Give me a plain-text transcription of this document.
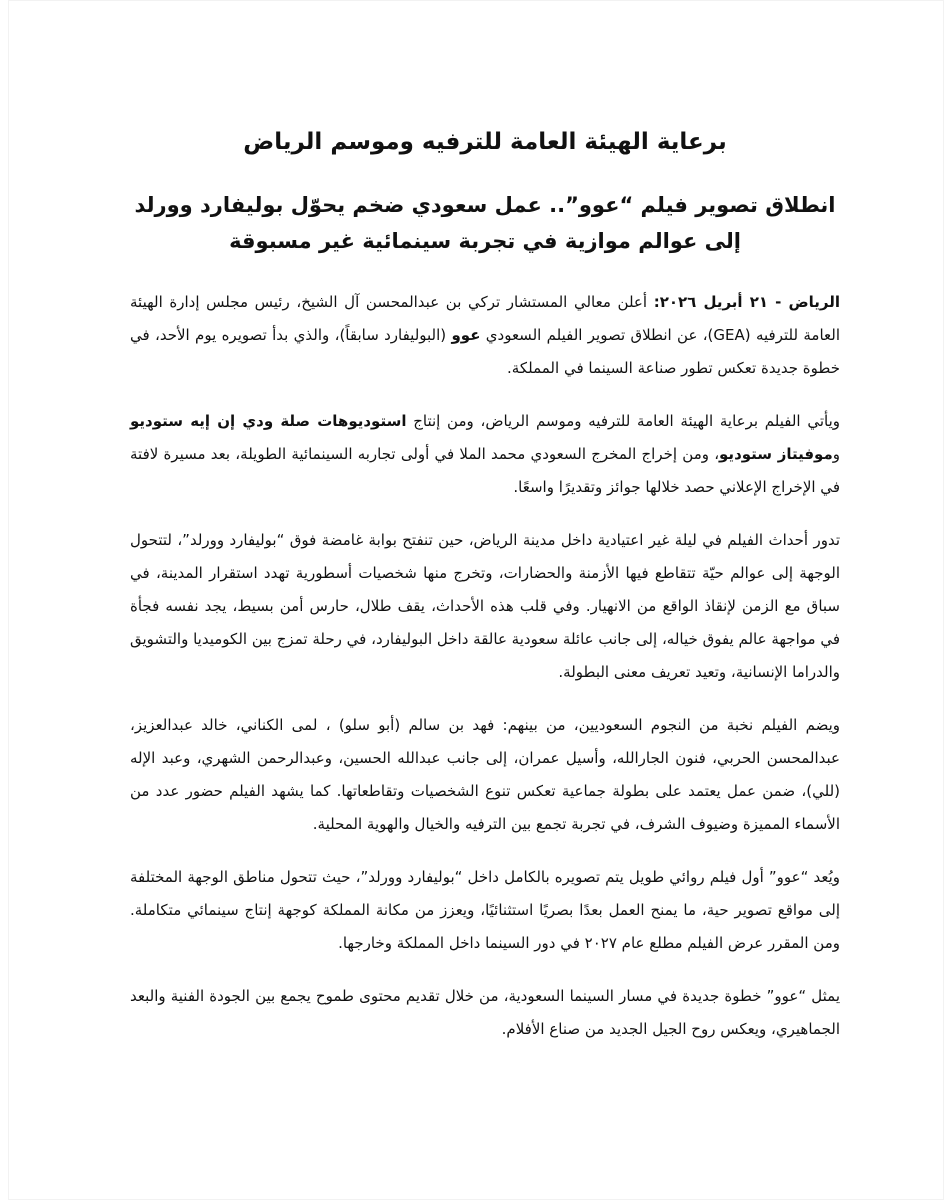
برعاية الهيئة العامة للترفيه وموسم الرياض
انطلاق تصوير فيلم “عوو”.. عمل سعودي ضخم يحوّل بوليفارد وورلد إلى عوالم موازية في تجربة سينمائية غير مسبوقة

الرياض - ٢١ أبريل ٢٠٢٦: أعلن معالي المستشار تركي بن عبدالمحسن آل الشيخ، رئيس مجلس إدارة الهيئة العامة للترفيه (GEA)، عن انطلاق تصوير الفيلم السعودي عوو (البوليفارد سابقاً)، والذي بدأ تصويره يوم الأحد، في خطوة جديدة تعكس تطور صناعة السينما في المملكة.

ويأتي الفيلم برعاية الهيئة العامة للترفيه وموسم الرياض، ومن إنتاج استوديوهات صلة ودي إن إيه ستوديو وموفيتاز ستوديو، ومن إخراج المخرج السعودي محمد الملا في أولى تجاربه السينمائية الطويلة، بعد مسيرة لافتة في الإخراج الإعلاني حصد خلالها جوائز وتقديرًا واسعًا.

تدور أحداث الفيلم في ليلة غير اعتيادية داخل مدينة الرياض، حين تنفتح بوابة غامضة فوق “بوليفارد وورلد”، لتتحول الوجهة إلى عوالم حيّة تتقاطع فيها الأزمنة والحضارات، وتخرج منها شخصيات أسطورية تهدد استقرار المدينة، في سباق مع الزمن لإنقاذ الواقع من الانهيار. وفي قلب هذه الأحداث، يقف طلال، حارس أمن بسيط، يجد نفسه فجأة في مواجهة عالم يفوق خياله، إلى جانب عائلة سعودية عالقة داخل البوليفارد، في رحلة تمزج بين الكوميديا والتشويق والدراما الإنسانية، وتعيد تعريف معنى البطولة.

ويضم الفيلم نخبة من النجوم السعوديين، من بينهم: فهد بن سالم (أبو سلو) ، لمى الكناني، خالد عبدالعزيز، عبدالمحسن الحربي، فنون الجارالله، وأسيل عمران، إلى جانب عبدالله الحسين، وعبدالرحمن الشهري، وعبد الإله (للي)، ضمن عمل يعتمد على بطولة جماعية تعكس تنوع الشخصيات وتقاطعاتها. كما يشهد الفيلم حضور عدد من الأسماء المميزة وضيوف الشرف، في تجربة تجمع بين الترفيه والخيال والهوية المحلية.

ويُعد “عوو” أول فيلم روائي طويل يتم تصويره بالكامل داخل “بوليفارد وورلد”، حيث تتحول مناطق الوجهة المختلفة إلى مواقع تصوير حية، ما يمنح العمل بعدًا بصريًا استثنائيًا، ويعزز من مكانة المملكة كوجهة إنتاج سينمائي متكاملة. ومن المقرر عرض الفيلم مطلع عام ٢٠٢٧ في دور السينما داخل المملكة وخارجها.

يمثل “عوو” خطوة جديدة في مسار السينما السعودية، من خلال تقديم محتوى طموح يجمع بين الجودة الفنية والبعد الجماهيري، ويعكس روح الجيل الجديد من صناع الأفلام.
